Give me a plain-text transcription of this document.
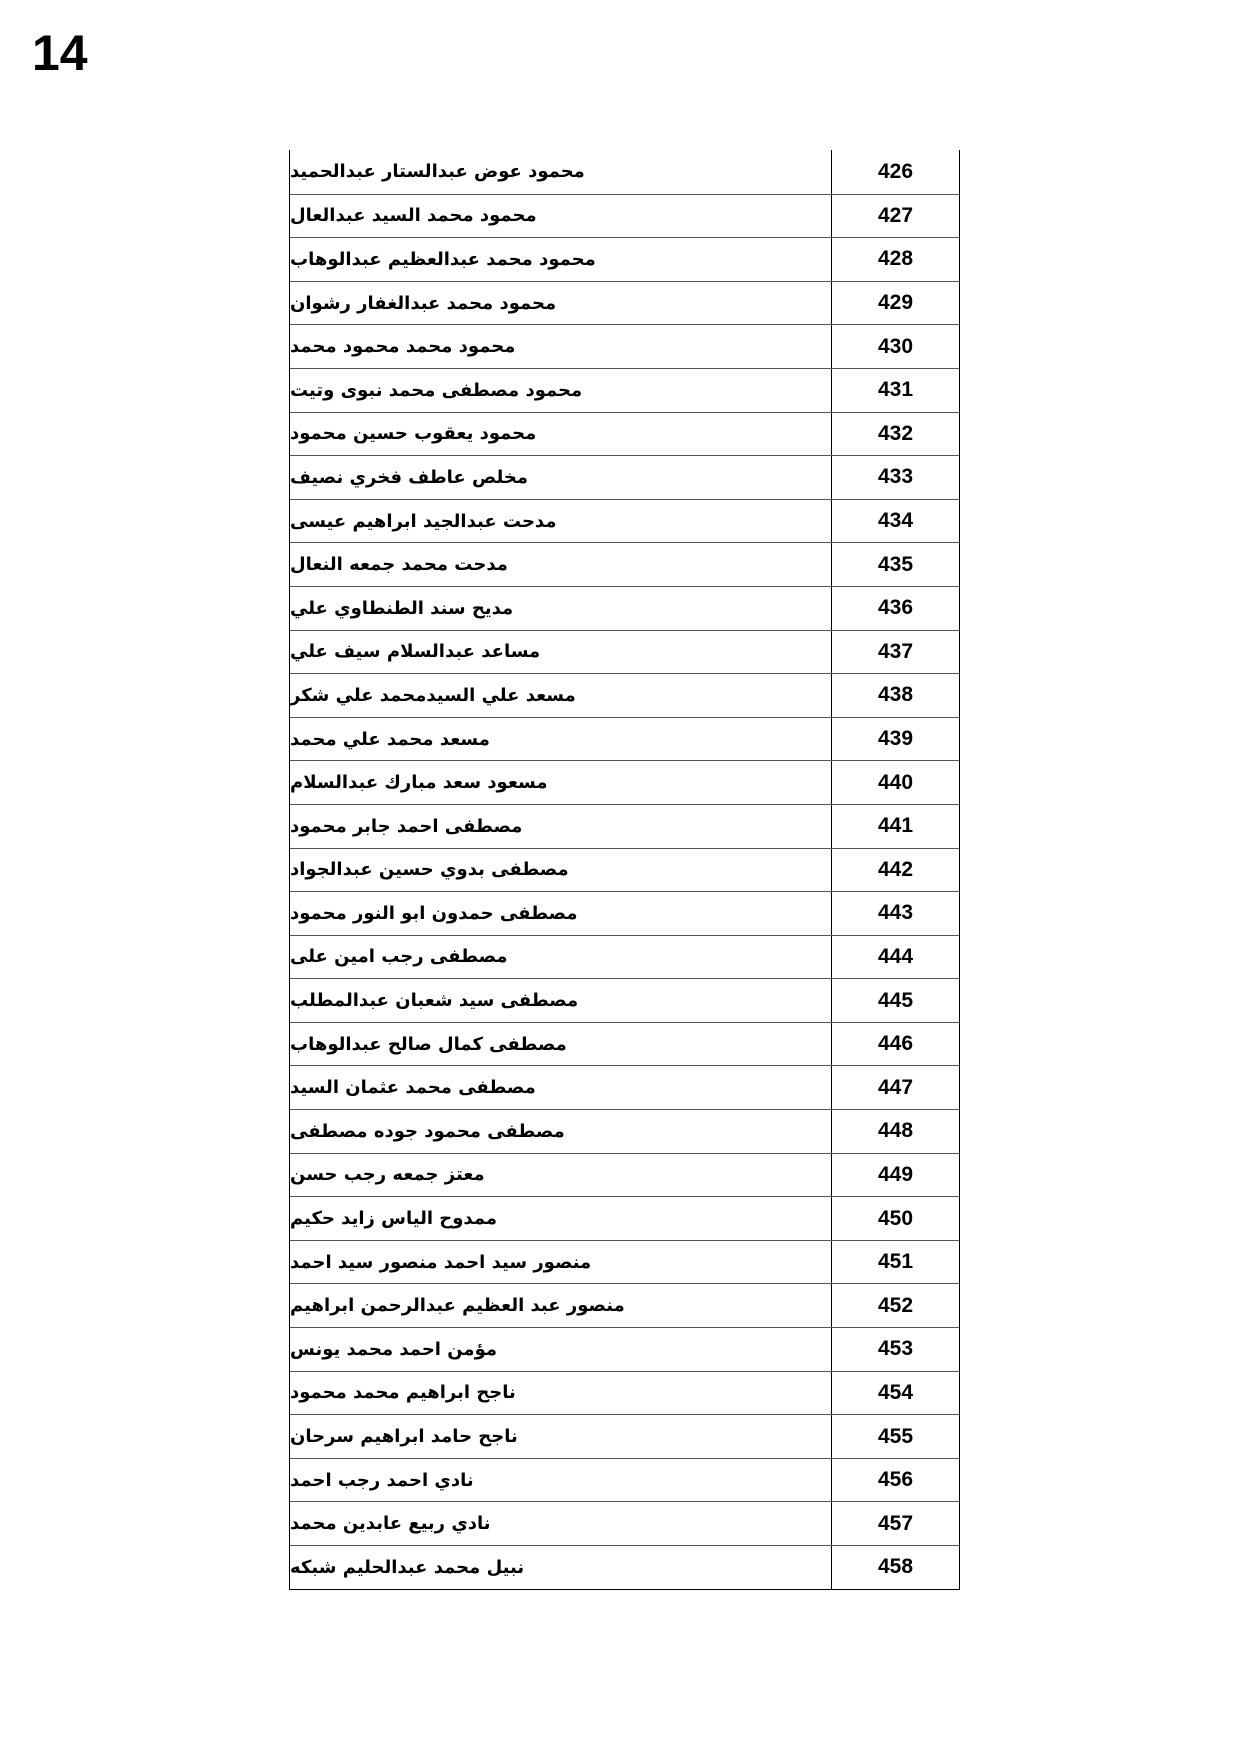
14
محمود عوض عبدالستار عبدالحميد	426
محمود محمد السيد عبدالعال	427
محمود محمد عبدالعظيم عبدالوهاب	428
محمود محمد عبدالغفار رشوان	429
محمود محمد محمود محمد	430
محمود مصطفى محمد نبوى وتيت	431
محمود يعقوب حسين محمود	432
مخلص عاطف فخري نصيف	433
مدحت عبدالجيد ابراهيم عيسى	434
مدحت محمد جمعه النعال	435
مديح سند الطنطاوي علي	436
مساعد عبدالسلام سيف علي	437
مسعد علي السيدمحمد علي شكر	438
مسعد محمد علي محمد	439
مسعود سعد مبارك عبدالسلام	440
مصطفى احمد جابر محمود	441
مصطفى بدوي حسين عبدالجواد	442
مصطفى حمدون ابو النور محمود	443
مصطفى رجب امين على	444
مصطفى سيد شعبان عبدالمطلب	445
مصطفى كمال صالح عبدالوهاب	446
مصطفى محمد عثمان السيد	447
مصطفى محمود جوده مصطفى	448
معتز جمعه رجب حسن	449
ممدوح الياس زايد حكيم	450
منصور سيد احمد منصور سيد احمد	451
منصور عبد العظيم عبدالرحمن ابراهيم	452
مؤمن احمد محمد يونس	453
ناجح ابراهيم محمد محمود	454
ناجح حامد ابراهيم سرحان	455
نادي احمد رجب احمد	456
نادي ربيع عابدين محمد	457
نبيل محمد عبدالحليم شبكه	458
